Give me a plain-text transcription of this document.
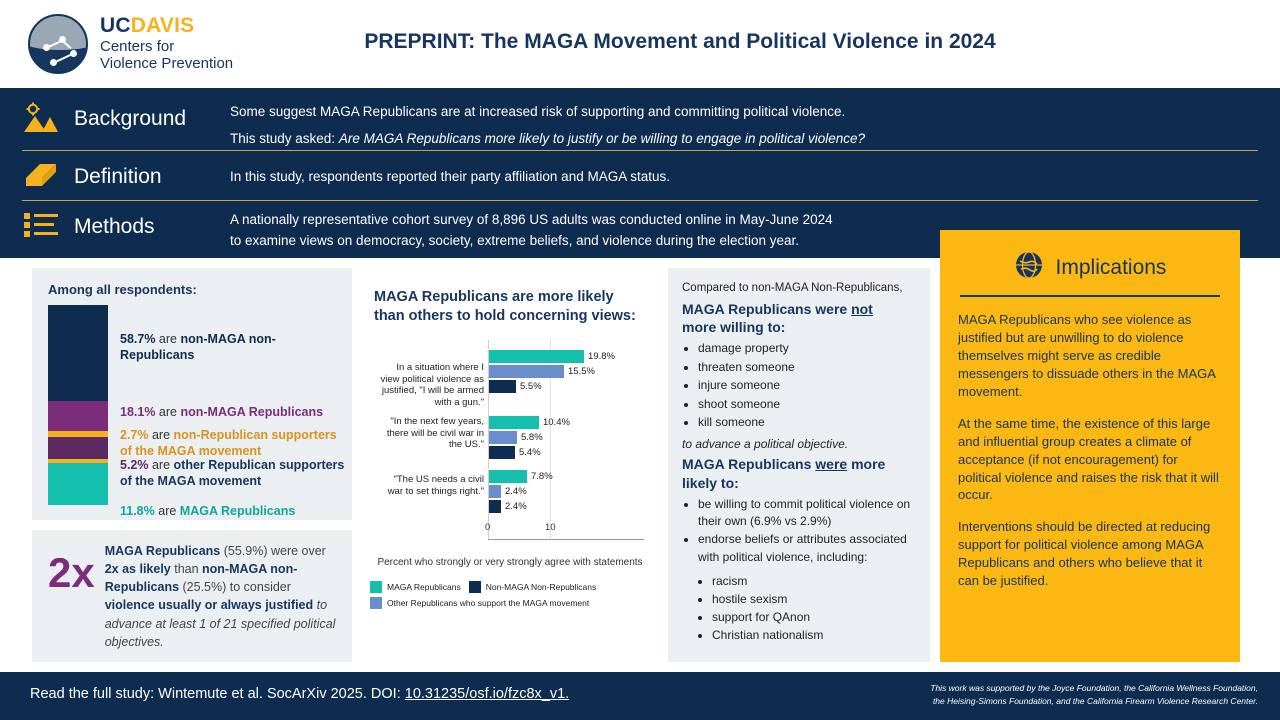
UCDAVIS
Centers for
Violence Prevention
PREPRINT: The MAGA Movement and Political Violence in 2024
Background	Some suggest MAGA Republicans are at increased risk of supporting and committing political violence.
This study asked: Are MAGA Republicans more likely to justify or be willing to engage in political violence?
Definition	In this study, respondents reported their party affiliation and MAGA status.
Methods	A nationally representative cohort survey of 8,896 US adults was conducted online in May-June 2024
to examine views on democracy, society, extreme beliefs, and violence during the election year.
Among all respondents:
58.7% are non-MAGA non-Republicans
18.1% are non-MAGA Republicans
2.7% are non-Republican supporters of the MAGA movement
5.2% are other Republican supporters of the MAGA movement
11.8% are MAGA Republicans
2x MAGA Republicans (55.9%) were over 2x as likely than non-MAGA non-Republicans (25.5%) to consider violence usually or always justified to advance at least 1 of 21 specified political objectives.
MAGA Republicans are more likely than others to hold concerning views:
In a situation where I view political violence as justified, "I will be armed with a gun."
19.8%
15.5%
5.5%
"In the next few years, there will be civil war in the US."
10.4%
5.8%
5.4%
"The US needs a civil war to set things right."
7.8%
2.4%
2.4%
0	10
Percent who strongly or very strongly agree with statements
MAGA Republicans	Non-MAGA Non-Republicans
Other Republicans who support the MAGA movement
Compared to non-MAGA Non-Republicans,
MAGA Republicans were not
more willing to:
• damage property
• threaten someone
• injure someone
• shoot someone
• kill someone
to advance a political objective.
MAGA Republicans were more likely to:
• be willing to commit political violence on their own (6.9% vs 2.9%)
• endorse beliefs or attributes associated with political violence, including:
• racism
• hostile sexism
• support for QAnon
• Christian nationalism
Implications
MAGA Republicans who see violence as justified but are unwilling to do violence themselves might serve as credible messengers to dissuade others in the MAGA movement.
At the same time, the existence of this large and influential group creates a climate of acceptance (if not encouragement) for political violence and raises the risk that it will occur.
Interventions should be directed at reducing support for political violence among MAGA Republicans and others who believe that it can be justified.
Read the full study: Wintemute et al. SocArXiv 2025. DOI: 10.31235/osf.io/fzc8x_v1.	This work was supported by the Joyce Foundation, the California Wellness Foundation,
the Heising-Simons Foundation, and the California Firearm Violence Research Center.
